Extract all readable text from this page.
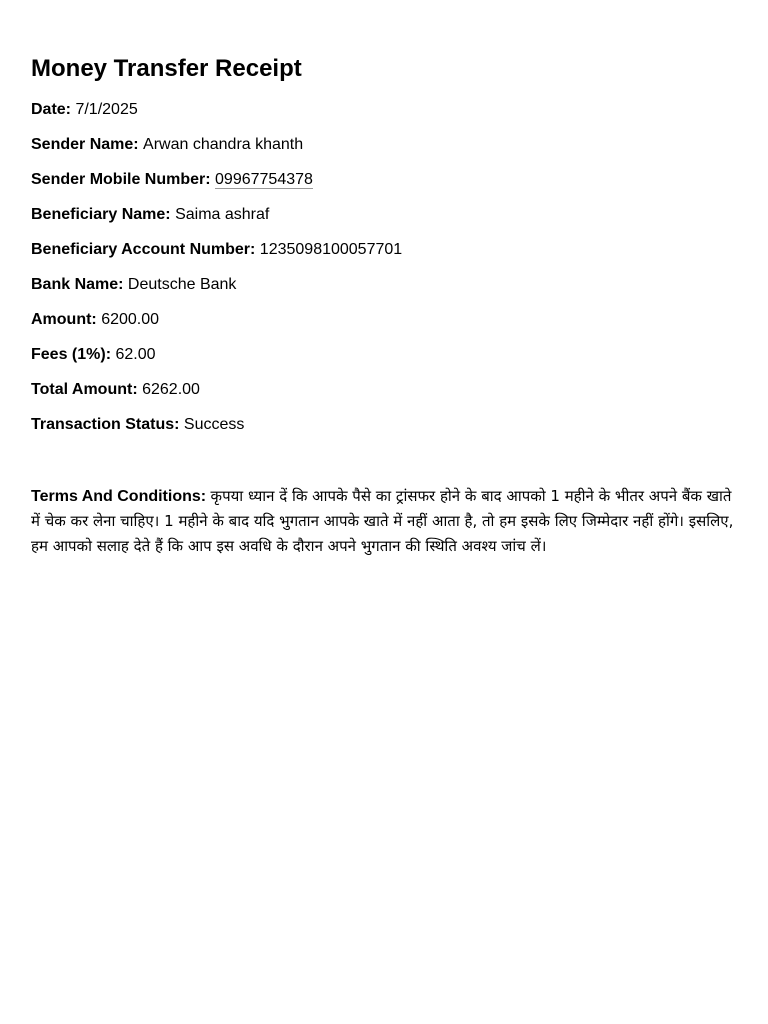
Money Transfer Receipt
Date: 7/1/2025
Sender Name: Arwan chandra khanth
Sender Mobile Number: 09967754378
Beneficiary Name: Saima ashraf
Beneficiary Account Number: 1235098100057701
Bank Name: Deutsche Bank
Amount: 6200.00
Fees (1%): 62.00
Total Amount: 6262.00
Transaction Status: Success
Terms And Conditions: कृपया ध्यान दें कि आपके पैसे का ट्रांसफर होने के बाद आपको 1 महीने के भीतर अपने बैंक खाते में चेक कर लेना चाहिए। 1 महीने के बाद यदि भुगतान आपके खाते में नहीं आता है, तो हम इसके लिए जिम्मेदार नहीं होंगे। इसलिए, हम आपको सलाह देते हैं कि आप इस अवधि के दौरान अपने भुगतान की स्थिति अवश्य जांच लें।
